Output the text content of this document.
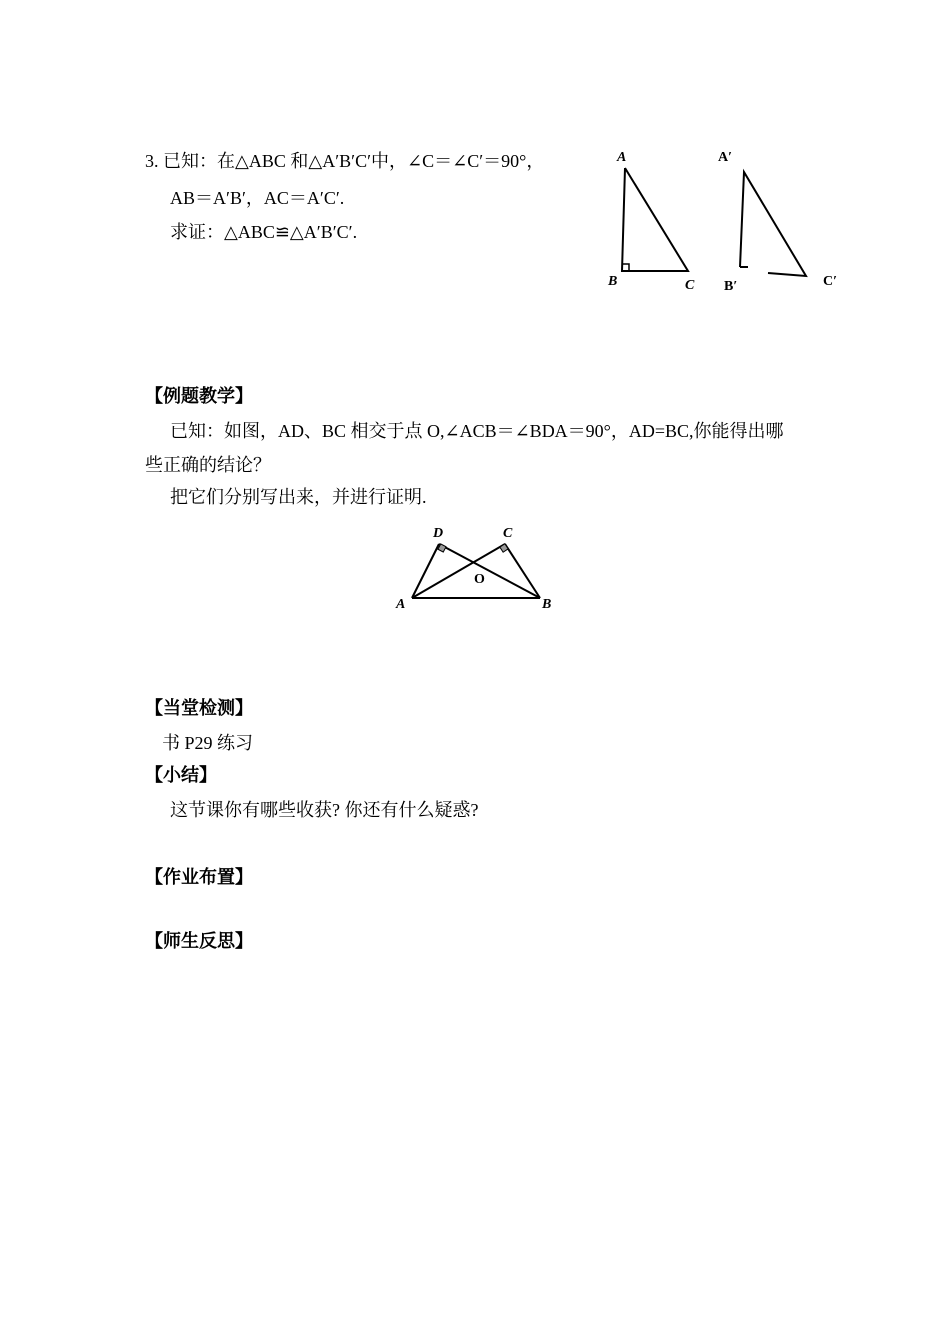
3. 已知：在△ABC 和△A′B′C′中，∠C＝∠C′＝90°，
AB＝A′B′，AC＝A′C′.
求证：△ABC≌△A′B′C′.
A
B	C
A′
B′	C′
【例题教学】
已知：如图，AD、BC 相交于点 O,∠ACB＝∠BDA＝90°，AD=BC,你能得出哪
些正确的结论？
把它们分别写出来，并进行证明.
D	C
O
A	B
【当堂检测】
书 P29 练习
【小结】
这节课你有哪些收获? 你还有什么疑惑?
【作业布置】
【师生反思】
